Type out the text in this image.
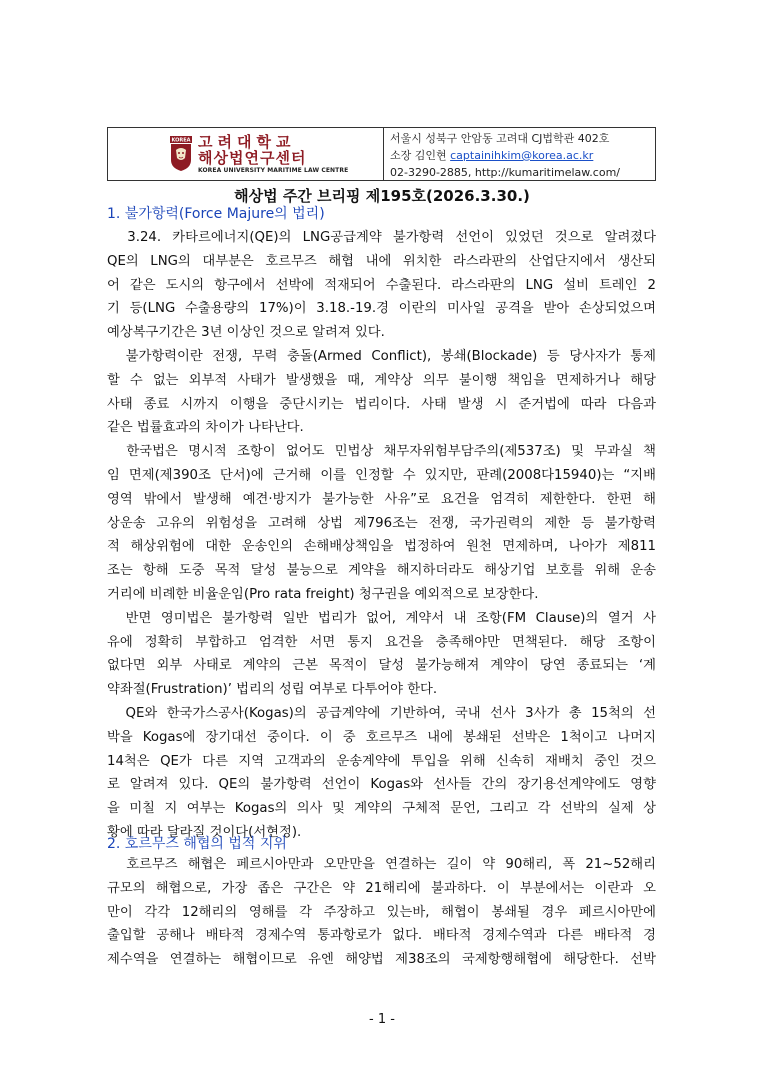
KOREA 고려대학교
해상법연구센터
KOREA UNIVERSITY MARITIME LAW CENTRE
서울시 성북구 안암동 고려대 CJ법학관 402호
소장 김인현 captainihkim@korea.ac.kr
02-3290-2885, http://kumaritimelaw.com/
해상법 주간 브리핑 제195호(2026.3.30.)
1. 불가항력(Force Majure의 법리)

　3.24. 카타르에너지(QE)의 LNG공급계약 불가항력 선언이 있었던 것으로 알려졌다
QE의 LNG의 대부분은 호르무즈 해협 내에 위치한 라스라판의 산업단지에서 생산되
어 같은 도시의 항구에서 선박에 적재되어 수출된다. 라스라판의 LNG 설비 트레인 2
기 등(LNG 수출용량의 17%)이 3.18.-19.경 이란의 미사일 공격을 받아 손상되었으며
예상복구기간은 3년 이상인 것으로 알려져 있다.

　불가항력이란 전쟁, 무력 충돌(Armed Conflict), 봉쇄(Blockade) 등 당사자가 통제
할 수 없는 외부적 사태가 발생했을 때, 계약상 의무 불이행 책임을 면제하거나 해당
사태 종료 시까지 이행을 중단시키는 법리이다. 사태 발생 시 준거법에 따라 다음과
같은 법률효과의 차이가 나타난다.

　한국법은 명시적 조항이 없어도 민법상 채무자위험부담주의(제537조) 및 무과실 책
임 면제(제390조 단서)에 근거해 이를 인정할 수 있지만, 판례(2008다15940)는 “지배
영역 밖에서 발생해 예견·방지가 불가능한 사유”로 요건을 엄격히 제한한다. 한편 해
상운송 고유의 위험성을 고려해 상법 제796조는 전쟁, 국가권력의 제한 등 불가항력
적 해상위험에 대한 운송인의 손해배상책임을 법정하여 원천 면제하며, 나아가 제811
조는 항해 도중 목적 달성 불능으로 계약을 해지하더라도 해상기업 보호를 위해 운송
거리에 비례한 비율운임(Pro rata freight) 청구권을 예외적으로 보장한다.

　반면 영미법은 불가항력 일반 법리가 없어, 계약서 내 조항(FM Clause)의 열거 사
유에 정확히 부합하고 엄격한 서면 통지 요건을 충족해야만 면책된다. 해당 조항이
없다면 외부 사태로 계약의 근본 목적이 달성 불가능해져 계약이 당연 종료되는 ‘계
약좌절(Frustration)’ 법리의 성립 여부로 다투어야 한다.

　QE와 한국가스공사(Kogas)의 공급계약에 기반하여, 국내 선사 3사가 총 15척의 선
박을 Kogas에 장기대선 중이다. 이 중 호르무즈 내에 봉쇄된 선박은 1척이고 나머지
14척은 QE가 다른 지역 고객과의 운송계약에 투입을 위해 신속히 재배치 중인 것으
로 알려져 있다. QE의 불가항력 선언이 Kogas와 선사들 간의 장기용선계약에도 영향
을 미칠 지 여부는 Kogas의 의사 및 계약의 구체적 문언, 그리고 각 선박의 실제 상
황에 따라 달라질 것이다(서현정).

2. 호르무즈 해협의 법적 지위

　호르무즈 해협은 페르시아만과 오만만을 연결하는 길이 약 90해리, 폭 21~52해리
규모의 해협으로, 가장 좁은 구간은 약 21해리에 불과하다. 이 부분에서는 이란과 오
만이 각각 12해리의 영해를 각 주장하고 있는바, 해협이 봉쇄될 경우 페르시아만에
출입할 공해나 배타적 경제수역 통과항로가 없다. 배타적 경제수역과 다른 배타적 경
제수역을 연결하는 해협이므로 유엔 해양법 제38조의 국제항행해협에 해당한다. 선박

- 1 -
